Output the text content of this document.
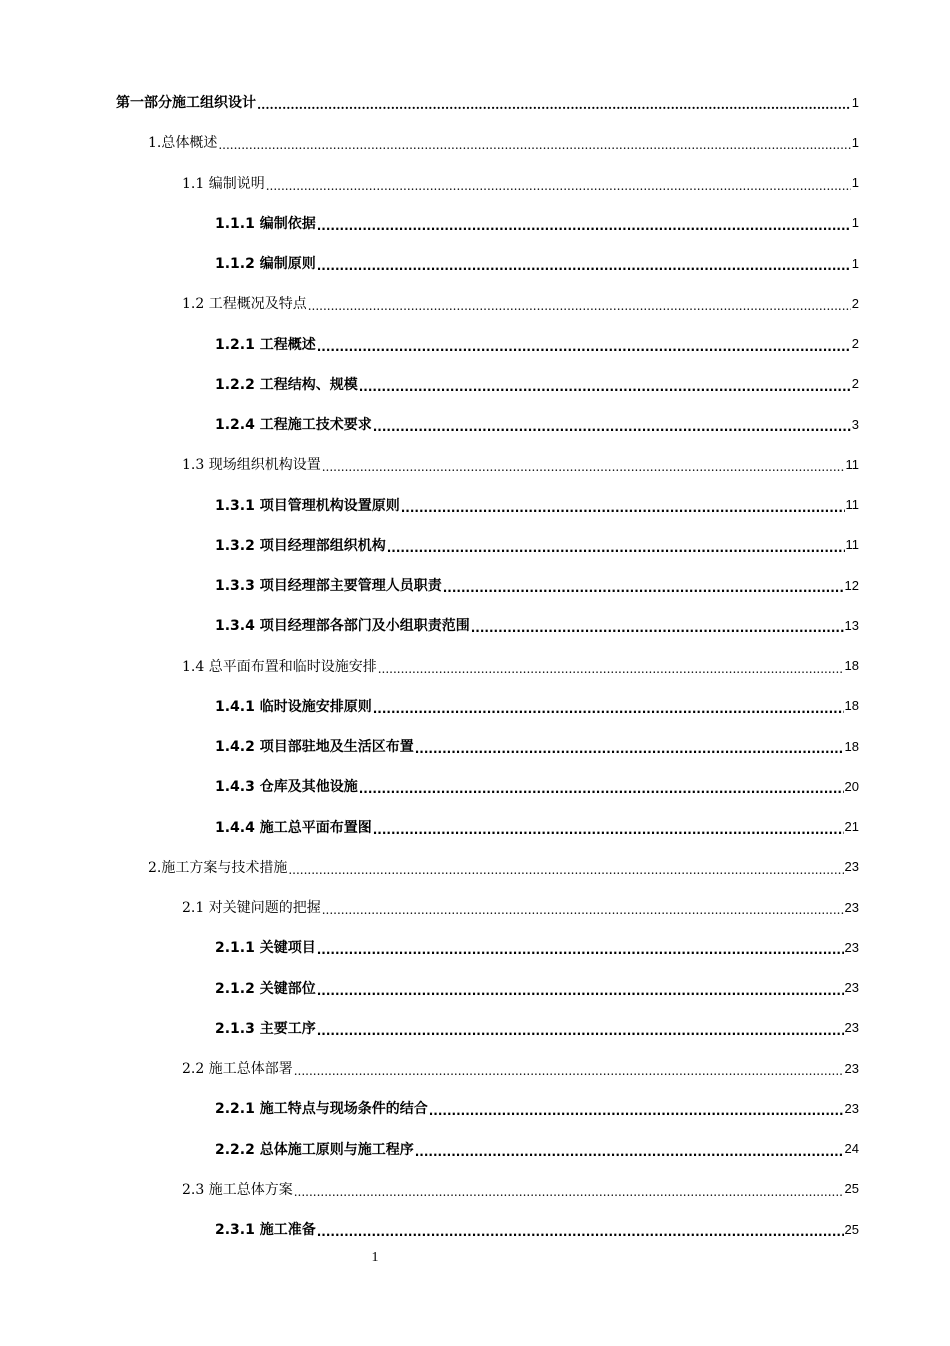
第一部分施工组织设计 .....	1
1.总体概述 .....	1
1.1 编制说明 .....	1
1.1.1 编制依据 .....	1
1.1.2 编制原则 .....	1
1.2 工程概况及特点 .....	2
1.2.1 工程概述 .....	2
1.2.2 工程结构、规模 .....	2
1.2.4 工程施工技术要求 .....	3
1.3 现场组织机构设置 .....	11
1.3.1 项目管理机构设置原则 .....	11
1.3.2 项目经理部组织机构 .....	11
1.3.3 项目经理部主要管理人员职责 .....	12
1.3.4 项目经理部各部门及小组职责范围 .....	13
1.4 总平面布置和临时设施安排 .....	18
1.4.1 临时设施安排原则 .....	18
1.4.2 项目部驻地及生活区布置 .....	18
1.4.3 仓库及其他设施 .....	20
1.4.4 施工总平面布置图 .....	21
2.施工方案与技术措施 .....	23
2.1 对关键问题的把握 .....	23
2.1.1 关键项目 .....	23
2.1.2 关键部位 .....	23
2.1.3 主要工序 .....	23
2.2 施工总体部署 .....	23
2.2.1 施工特点与现场条件的结合 .....	23
2.2.2 总体施工原则与施工程序 .....	24
2.3 施工总体方案 .....	25
2.3.1 施工准备 .....	25
1
